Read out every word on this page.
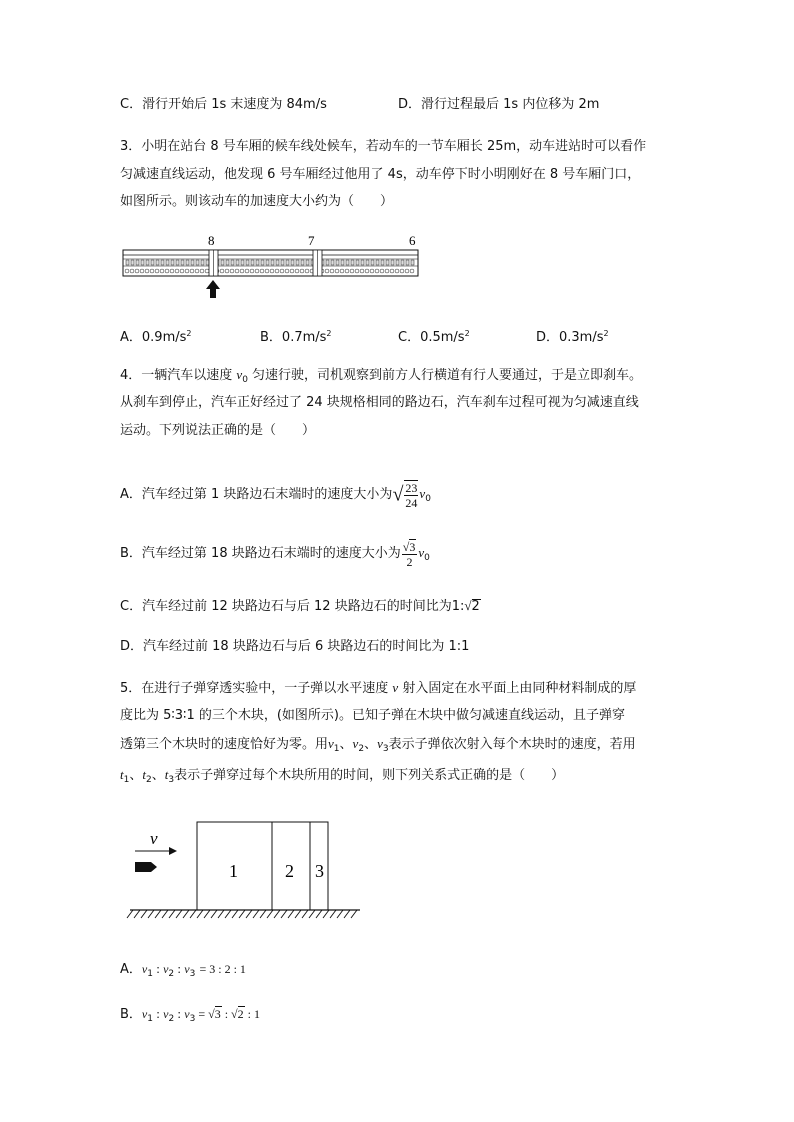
C．滑行开始后 1s 末速度为 84m/s	D．滑行过程最后 1s 内位移为 2m
3．小明在站台 8 号车厢的候车线处候车，若动车的一节车厢长 25m，动车进站时可以看作
匀减速直线运动，他发现 6 号车厢经过他用了 4s，动车停下时小明刚好在 8 号车厢门口，
如图所示。则该动车的加速度大小约为（　　）
8	7	6
A．$0.9m/s^2$	B．$0.7m/s^2$	C．$0.5m/s^2$	D．$0.3m/s^2$
4．一辆汽车以速度 $v_0$ 匀速行驶，司机观察到前方人行横道有行人要通过，于是立即刹车。
从刹车到停止，汽车正好经过了 24 块规格相同的路边石，汽车刹车过程可视为匀减速直线
运动。下列说法正确的是（　　）
A．汽车经过第 1 块路边石末端时的速度大小为√ $\frac{23}{24} v_0$
B．汽车经过第 18 块路边石末端时的速度大小为 $\frac{√3}{2} v_0$
C．汽车经过前 12 块路边石与后 12 块路边石的时间比为1:√2
D．汽车经过前 18 块路边石与后 6 块路边石的时间比为 1:1
5．在进行子弹穿透实验中，一子弹以水平速度 v 射入固定在水平面上由同种材料制成的厚
度比为 5∶3∶1 的三个木块，(如图所示)。已知子弹在木块中做匀减速直线运动，且子弹穿
透第三个木块时的速度恰好为零。用$v_1$、$v_2$、$v_3$表示子弹依次射入每个木块时的速度，若用
$t_1$、$t_2$、$t_3$表示子弹穿过每个木块所用的时间，则下列关系式正确的是（　　）
v
1	2 3
A．$v_1$ : $v_2$ : $v_3 = 3$ : 2 : 1
B．$v_1$ : $v_2$ : $v_3 = √3$ : √2 : 1
